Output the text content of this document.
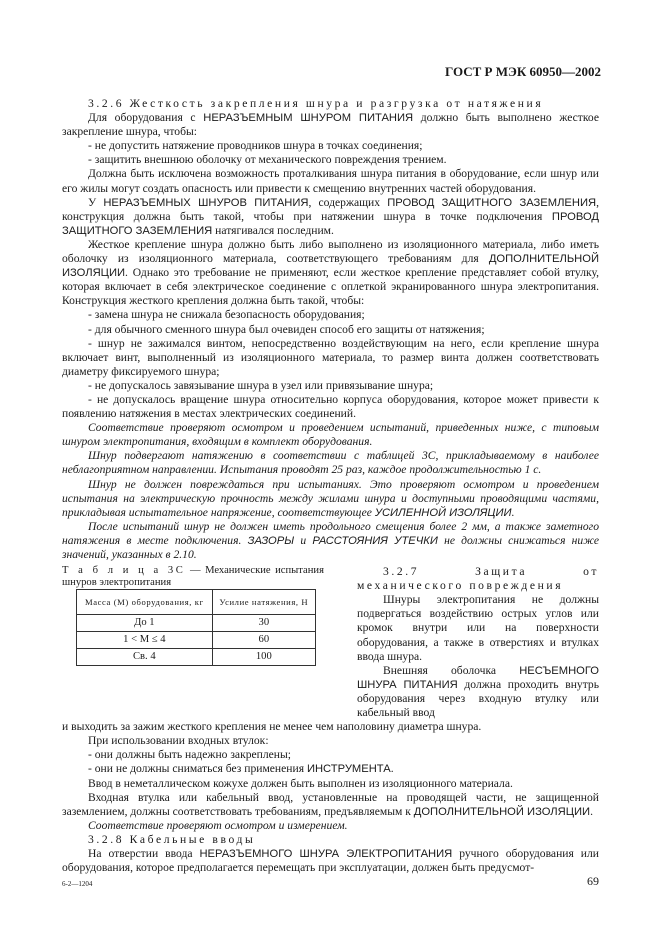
ГОСТ Р МЭК 60950—2002

3.2.6 Жесткость закрепления шнура и разгрузка от натяжения

Для оборудования с НЕРАЗЪЕМНЫМ ШНУРОМ ПИТАНИЯ должно быть выполнено жесткое закрепление шнура, чтобы:

- не допустить натяжение проводников шнура в точках соединения;

- защитить внешнюю оболочку от механического повреждения трением.

Должна быть исключена возможность проталкивания шнура питания в оборудование, если шнур или его жилы могут создать опасность или привести к смещению внутренних частей оборудования.

У НЕРАЗЪЕМНЫХ ШНУРОВ ПИТАНИЯ, содержащих ПРОВОД ЗАЩИТНОГО ЗАЗЕМЛЕНИЯ, конструкция должна быть такой, чтобы при натяжении шнура в точке подключения ПРОВОД ЗАЩИТНОГО ЗАЗЕМЛЕНИЯ натягивался последним.

Жесткое крепление шнура должно быть либо выполнено из изоляционного материала, либо иметь оболочку из изоляционного материала, соответствующего требованиям для ДОПОЛНИТЕЛЬНОЙ ИЗОЛЯЦИИ. Однако это требование не применяют, если жесткое крепление представляет собой втулку, которая включает в себя электрическое соединение с оплеткой экранированного шнура электропитания. Конструкция жесткого крепления должна быть такой, чтобы:

- замена шнура не снижала безопасность оборудования;

- для обычного сменного шнура был очевиден способ его защиты от натяжения;

- шнур не зажимался винтом, непосредственно воздействующим на него, если крепление шнура включает винт, выполненный из изоляционного материала, то размер винта должен соответствовать диаметру фиксируемого шнура;

- не допускалось завязывание шнура в узел или привязывание шнура;

- не допускалось вращение шнура относительно корпуса оборудования, которое может привести к появлению натяжения в местах электрических соединений.

Соответствие проверяют осмотром и проведением испытаний, приведенных ниже, с типовым шнуром электропитания, входящим в комплект оборудования.

Шнур подвергают натяжению в соответствии с таблицей 3С, прикладываемому в наиболее неблагоприятном направлении. Испытания проводят 25 раз, каждое продолжительностью 1 с.

Шнур не должен повреждаться при испытаниях. Это проверяют осмотром и проведением испытания на электрическую прочность между жилами шнура и доступными проводящими частями, прикладывая испытательное напряжение, соответствующее УСИЛЕННОЙ ИЗОЛЯЦИИ.

После испытаний шнур не должен иметь продольного смещения более 2 мм, а также заметного натяжения в месте подключения. ЗАЗОРЫ и РАССТОЯНИЯ УТЕЧКИ не должны снижаться ниже значений, указанных в 2.10.

Т а б л и ц а 3С — Механические испытания шнуров электропитания

Масса (M) оборудования, кг	Усилие натяжения, Н
До 1	30
1 < M ≤ 4	60
Св. 4	100

3.2.7 Защита от механического повреждения

Шнуры электропитания не должны подвергаться воздействию острых углов или кромок внутри или на поверхности оборудования, а также в отверстиях и втулках ввода шнура.

Внешняя оболочка НЕСЪЕМНОГО ШНУРА ПИТАНИЯ должна проходить внутрь оборудования через входную втулку или кабельный ввод

и выходить за зажим жесткого крепления не менее чем наполовину диаметра шнура.

При использовании входных втулок:

- они должны быть надежно закреплены;

- они не должны сниматься без применения ИНСТРУМЕНТА.

Ввод в неметаллическом кожухе должен быть выполнен из изоляционного материала.

Входная втулка или кабельный ввод, установленные на проводящей части, не защищенной заземлением, должны соответствовать требованиям, предъявляемым к ДОПОЛНИТЕЛЬНОЙ ИЗОЛЯЦИИ.

Соответствие проверяют осмотром и измерением.

3.2.8 Кабельные вводы

На отверстии ввода НЕРАЗЪЕМНОГО ШНУРА ЭЛЕКТРОПИТАНИЯ ручного оборудования или оборудования, которое предполагается перемещать при эксплуатации, должен быть предусмот-

6-2—1204	69
